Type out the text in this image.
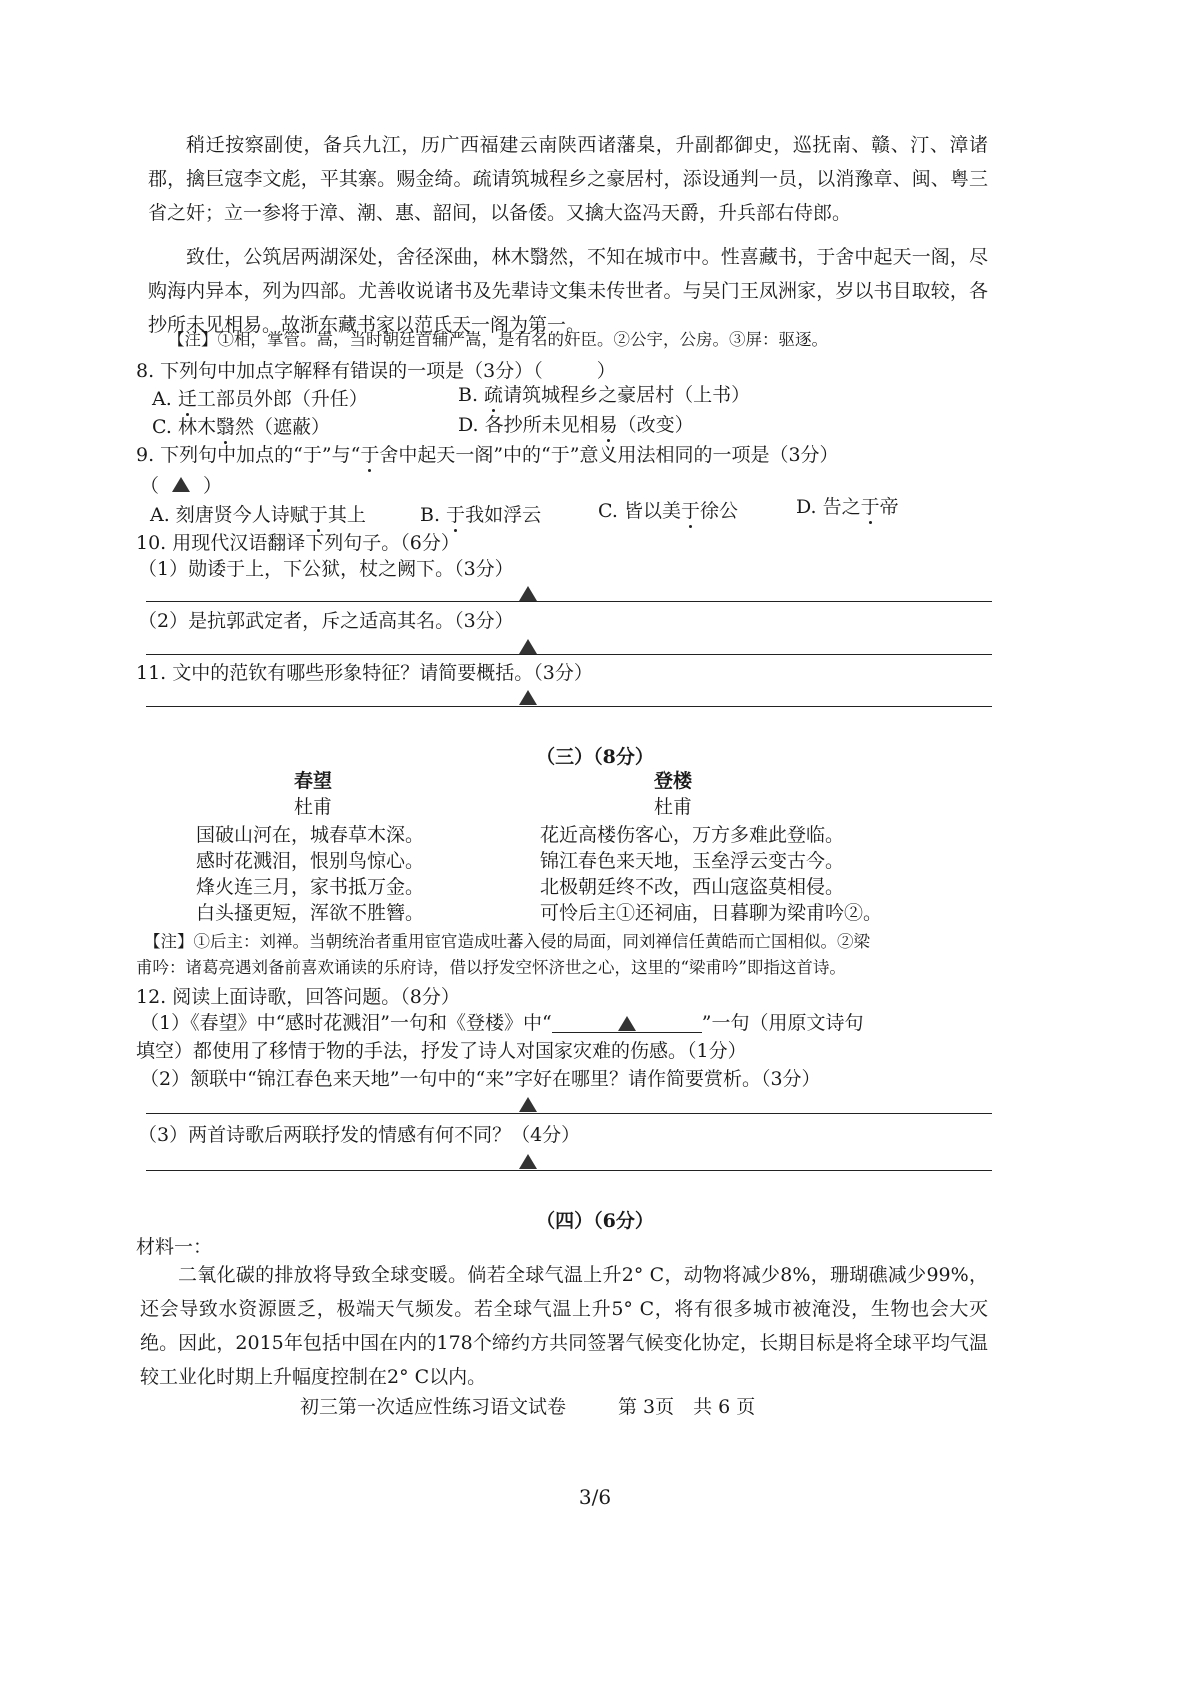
稍迁按察副使，备兵九江，历广西福建云南陕西诸藩臬，升副都御史，巡抚南、赣、汀、漳诸郡，擒巨寇李文彪，平其寨。赐金绮。疏请筑城程乡之豪居村，添设通判一员，以消豫章、闽、粤三省之奸；立一参将于漳、潮、惠、韶间，以备倭。又擒大盗冯天爵，升兵部右侍郎。
致仕，公筑居两湖深处，舍径深曲，林木翳然，不知在城市中。性喜藏书，于舍中起天一阁，尽购海内异本，列为四部。尤善收说诸书及先辈诗文集未传世者。与吴门王凤洲家，岁以书目取较，各抄所未见相易。故浙东藏书家以范氏天一阁为第一。
【注】①相，掌管。嵩，当时朝廷首辅严嵩，是有名的奸臣。②公宇，公房。③屏：驱逐。
8. 下列句中加点字解释有错误的一项是（3分）（	）
A. 迁工部员外郎（升任）	B. 疏请筑城程乡之豪居村（上书）
C. 林木翳然（遮蔽）	D. 各抄所未见相易（改变）
9. 下列句中加点的“于”与“于舍中起天一阁”中的“于”意义用法相同的一项是（3分）
（ ）
A. 刻唐贤今人诗赋于其上	B. 于我如浮云	C. 皆以美于徐公	D. 告之于帝
10. 用现代汉语翻译下列句子。（6分）
（1）勋诿于上，下公狱，杖之阙下。（3分）
（2）是抗郭武定者，斥之适高其名。（3分）
11. 文中的范钦有哪些形象特征？请简要概括。（3分）
（三）（8分）
春望
杜甫
国破山河在，城春草木深。
感时花溅泪，恨别鸟惊心。
烽火连三月，家书抵万金。
白头搔更短，浑欲不胜簪。
登楼
杜甫
花近高楼伤客心，万方多难此登临。
锦江春色来天地，玉垒浮云变古今。
北极朝廷终不改，西山寇盗莫相侵。
可怜后主①还祠庙，日暮聊为梁甫吟②。
【注】①后主：刘禅。当朝统治者重用宦官造成吐蕃入侵的局面，同刘禅信任黄皓而亡国相似。②梁
甫吟：诸葛亮遇刘备前喜欢诵读的乐府诗，借以抒发空怀济世之心，这里的“梁甫吟”即指这首诗。
12. 阅读上面诗歌，回答问题。（8分）
（1）《春望》中“感时花溅泪”一句和《登楼》中“	”一句（用原文诗句
填空）都使用了移情于物的手法，抒发了诗人对国家灾难的伤感。（1分）
（2）颔联中“锦江春色来天地”一句中的“来”字好在哪里？请作简要赏析。（3分）
（3）两首诗歌后两联抒发的情感有何不同？（4分）
（四）（6分）
材料一：
二氧化碳的排放将导致全球变暖。倘若全球气温上升2° C，动物将减少8%，珊瑚礁减少99%，还会导致水资源匮乏，极端天气频发。若全球气温上升5° C，将有很多城市被淹没，生物也会大灭绝。因此，2015年包括中国在内的178个缔约方共同签署气候变化协定，长期目标是将全球平均气温较工业化时期上升幅度控制在2° C以内。
初三第一次适应性练习语文试卷	第 3页　共 6 页
3/6
